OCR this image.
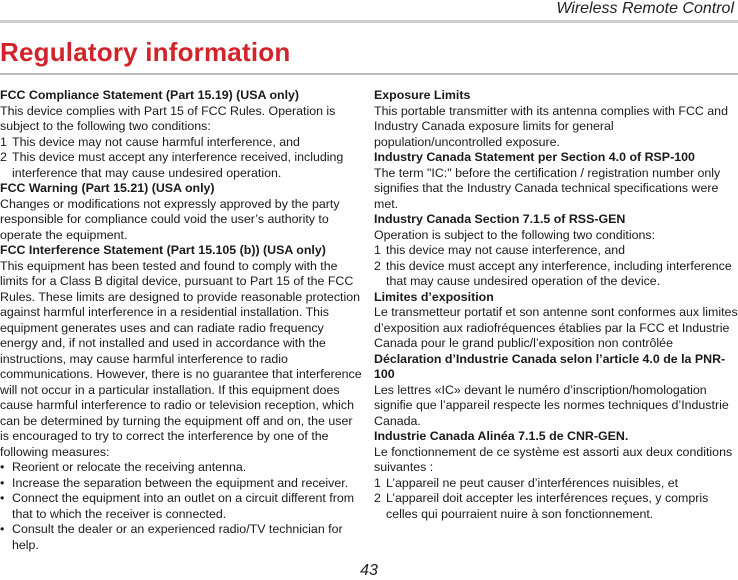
Wireless Remote Control
Regulatory information

FCC Compliance Statement (Part 15.19) (USA only)

This device complies with Part 15 of FCC Rules. Operation is subject to the following two conditions:

1 This device may not cause harmful interference, and

2 This device must accept any interference received, including interference that may cause undesired operation.

FCC Warning (Part 15.21) (USA only)

Changes or modifications not expressly approved by the party responsible for compliance could void the user’s authority to operate the equipment.

FCC Interference Statement (Part 15.105 (b)) (USA only)

This equipment has been tested and found to comply with the limits for a Class B digital device, pursuant to Part 15 of the FCC Rules. These limits are designed to provide reasonable protection against harmful interference in a residential installation. This equipment generates uses and can radiate radio frequency energy and, if not installed and used in accordance with the instructions, may cause harmful interference to radio communications. However, there is no guarantee that interference will not occur in a particular installation. If this equipment does cause harmful interference to radio or television reception, which can be determined by turning the equipment off and on, the user is encouraged to try to correct the interference by one of the following measures:

• Reorient or relocate the receiving antenna.

• Increase the separation between the equipment and receiver.

• Connect the equipment into an outlet on a circuit different from that to which the receiver is connected.

• Consult the dealer or an experienced radio/TV technician for help.

Exposure Limits

This portable transmitter with its antenna complies with FCC and Industry Canada exposure limits for general population/uncontrolled exposure.

Industry Canada Statement per Section 4.0 of RSP-100

The term "IC:" before the certification / registration number only signifies that the Industry Canada technical specifications were met.

Industry Canada Section 7.1.5 of RSS-GEN

Operation is subject to the following two conditions:

1 this device may not cause interference, and

2 this device must accept any interference, including interference that may cause undesired operation of the device.

Limites d’exposition

Le transmetteur portatif et son antenne sont conformes aux limites d’exposition aux radiofréquences établies par la FCC et Industrie Canada pour le grand public/l’exposition non contrôlée

Déclaration d’Industrie Canada selon l’article 4.0 de la PNR-100

Les lettres «IC» devant le numéro d’inscription/homologation signifie que l’appareil respecte les normes techniques d’Industrie Canada.

Industrie Canada Alinéa 7.1.5 de CNR-GEN.

Le fonctionnement de ce système est assorti aux deux conditions suivantes :

1 L’appareil ne peut causer d’interférences nuisibles, et

2 L’appareil doit accepter les interférences reçues, y compris celles qui pourraient nuire à son fonctionnement.

43
